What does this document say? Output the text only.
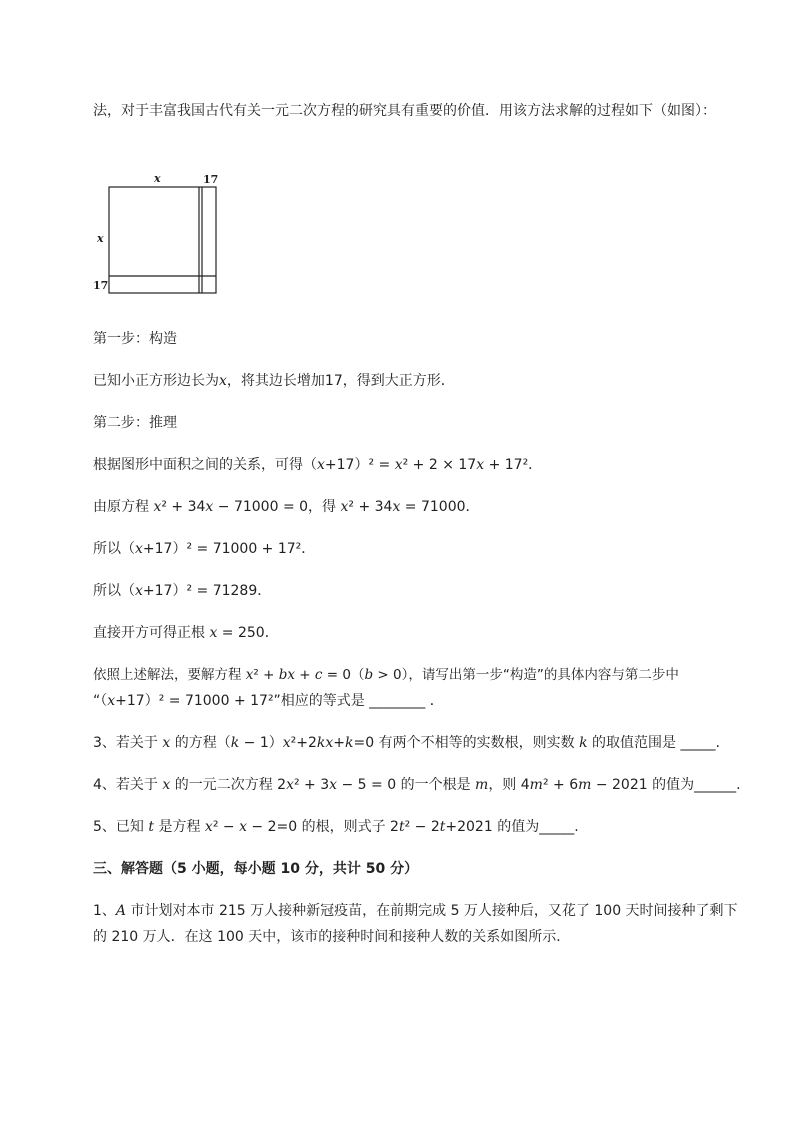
法，对于丰富我国古代有关一元二次方程的研究具有重要的价值．用该方法求解的过程如下（如图）：

x	17
x
17

第一步：构造

已知小正方形边长为x，将其边长增加17，得到大正方形．

第二步：推理

根据图形中面积之间的关系，可得（x+17）² = x² + 2 × 17x + 17²．

由原方程 x² + 34x − 71000 = 0，得 x² + 34x = 71000．

所以（x+17）² = 71000 + 17²．

所以（x+17）² = 71289．

直接开方可得正根 x = 250．

依照上述解法，要解方程 x² + bx + c = 0（b > 0），请写出第一步“构造”的具体内容与第二步中

“（x+17）² = 71000 + 17²”相应的等式是 ________ ．

3、若关于 x 的方程（k − 1）x²+2kx+k=0 有两个不相等的实数根，则实数 k 的取值范围是 _____.

4、若关于 x 的一元二次方程 2x² + 3x − 5 = 0 的一个根是 m，则 4m² + 6m − 2021 的值为______.

5、已知 t 是方程 x² − x − 2=0 的根，则式子 2t² − 2t+2021 的值为_____.

三、解答题（5 小题，每小题 10 分，共计 50 分）

1、A 市计划对本市 215 万人接种新冠疫苗，在前期完成 5 万人接种后，又花了 100 天时间接种了剩下的 210 万人．在这 100 天中，该市的接种时间和接种人数的关系如图所示．
